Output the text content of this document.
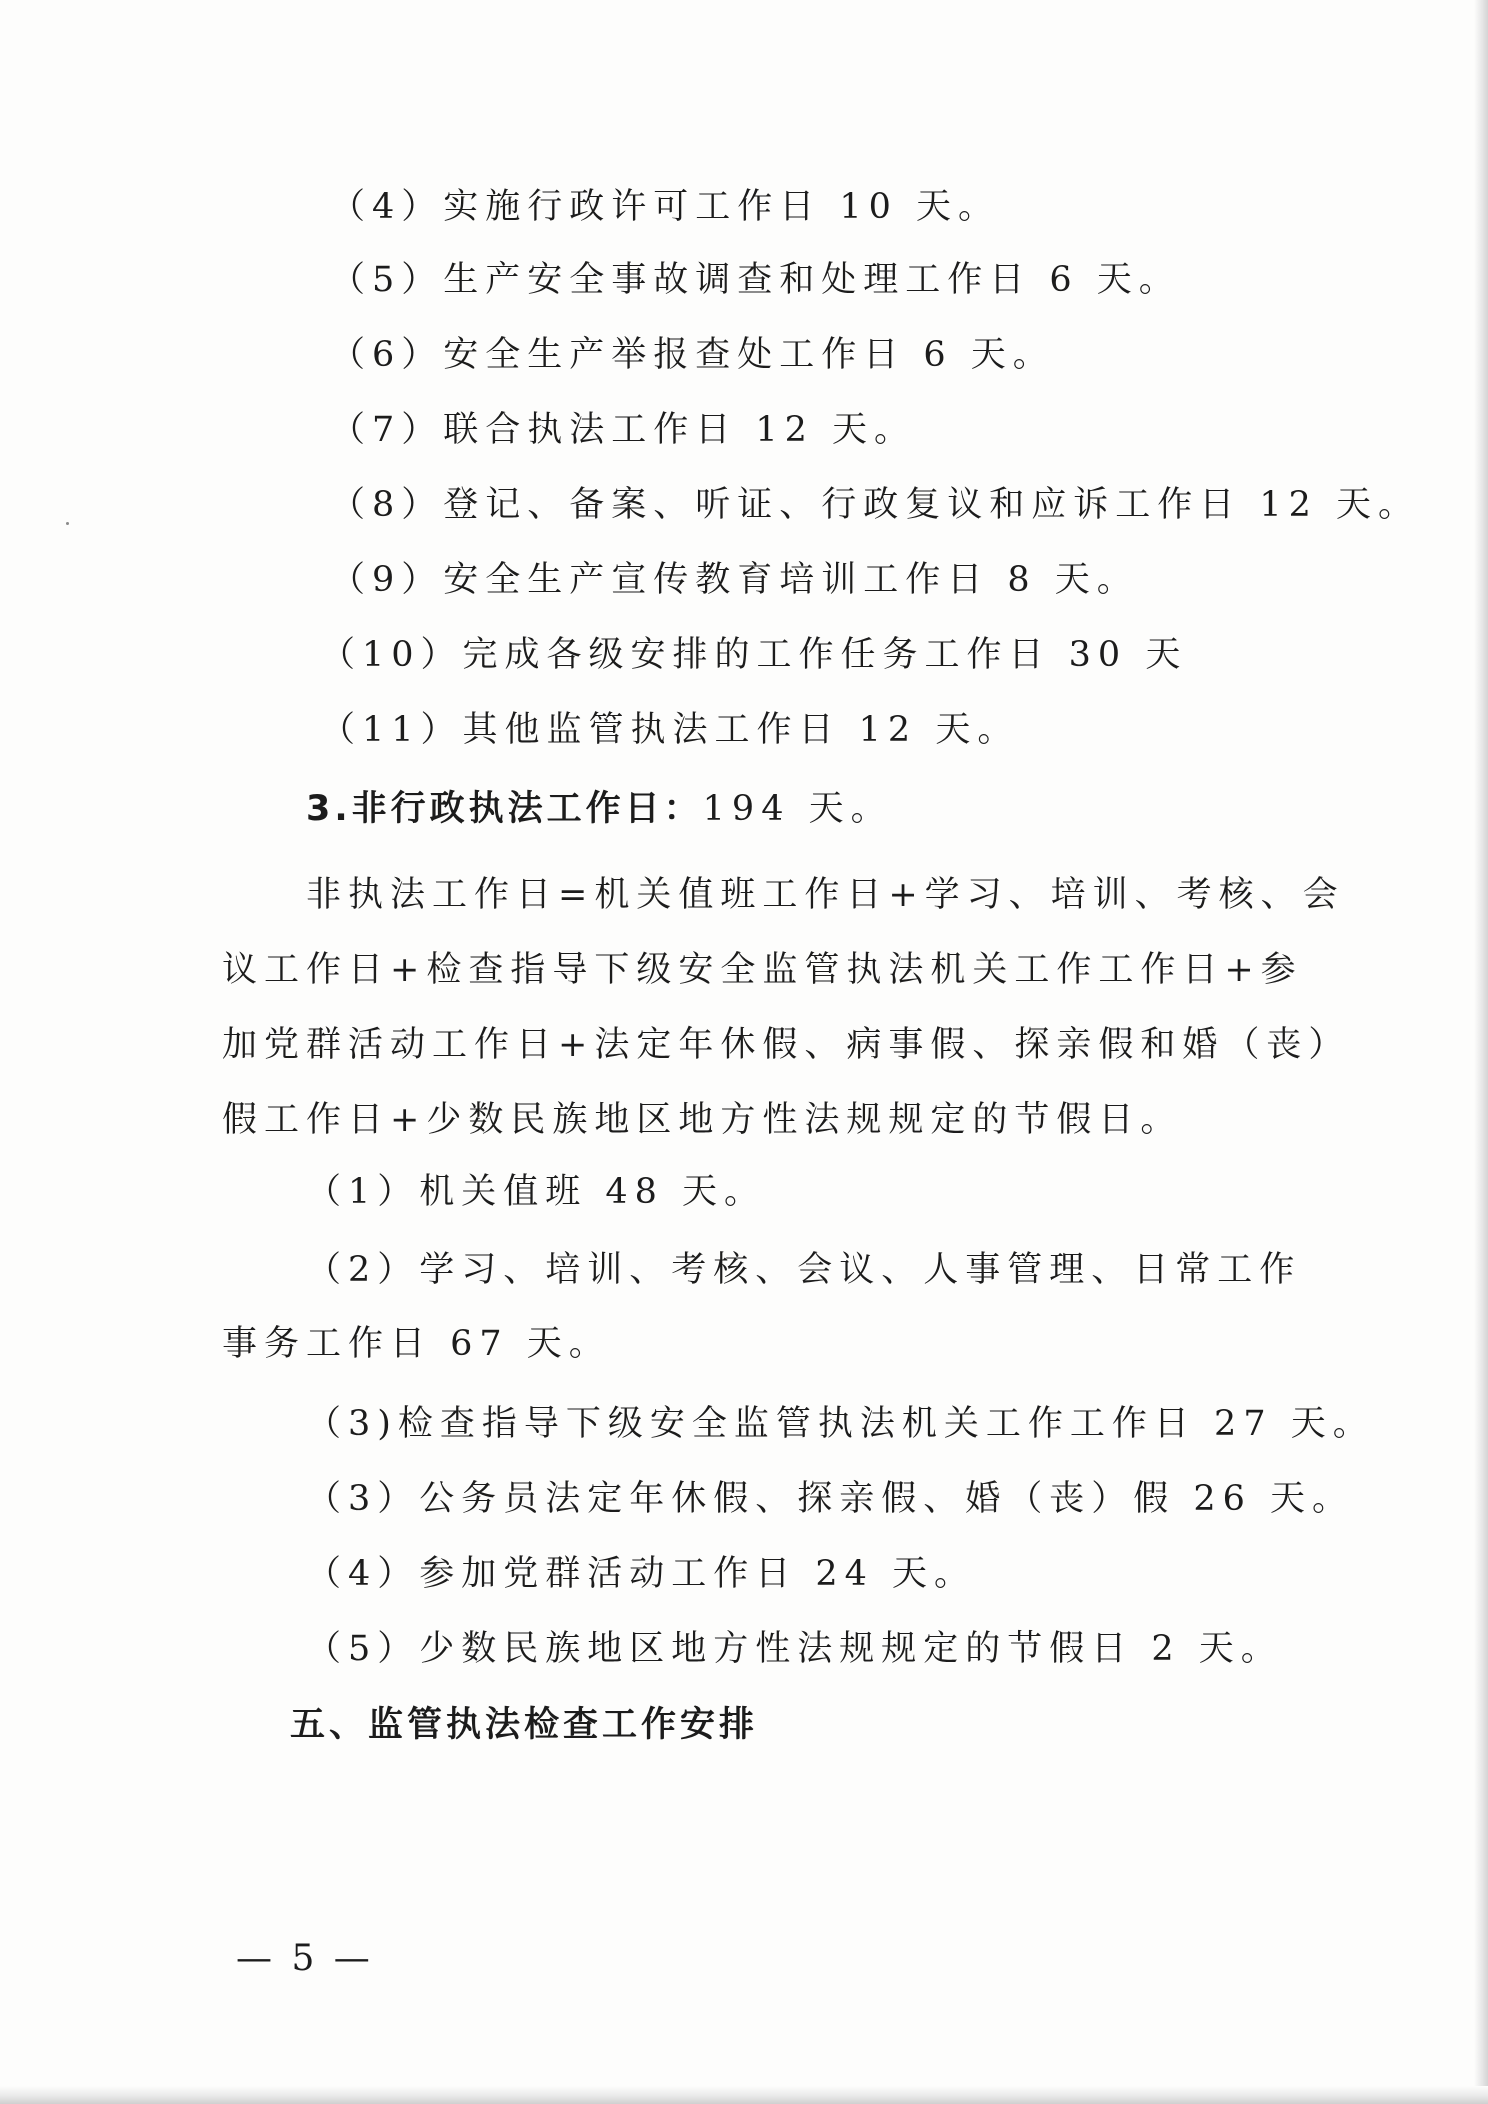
（4）实施行政许可工作日 10 天。

（5）生产安全事故调查和处理工作日 6 天。

（6）安全生产举报查处工作日 6 天。

（7）联合执法工作日 12 天。

（8）登记、备案、听证、行政复议和应诉工作日 12 天。

（9）安全生产宣传教育培训工作日 8 天。

（10）完成各级安排的工作任务工作日 30 天

（11）其他监管执法工作日 12 天。

3.非行政执法工作日：194 天。

非执法工作日=机关值班工作日+学习、培训、考核、会

议工作日+检查指导下级安全监管执法机关工作工作日+参

加党群活动工作日+法定年休假、病事假、探亲假和婚（丧）

假工作日+少数民族地区地方性法规规定的节假日。

（1）机关值班 48 天。

（2）学习、培训、考核、会议、人事管理、日常工作

事务工作日 67 天。

（3)检查指导下级安全监管执法机关工作工作日 27 天。

（3）公务员法定年休假、探亲假、婚（丧）假 26 天。

（4）参加党群活动工作日 24 天。

（5）少数民族地区地方性法规规定的节假日 2 天。

五、监管执法检查工作安排

— 5 —
